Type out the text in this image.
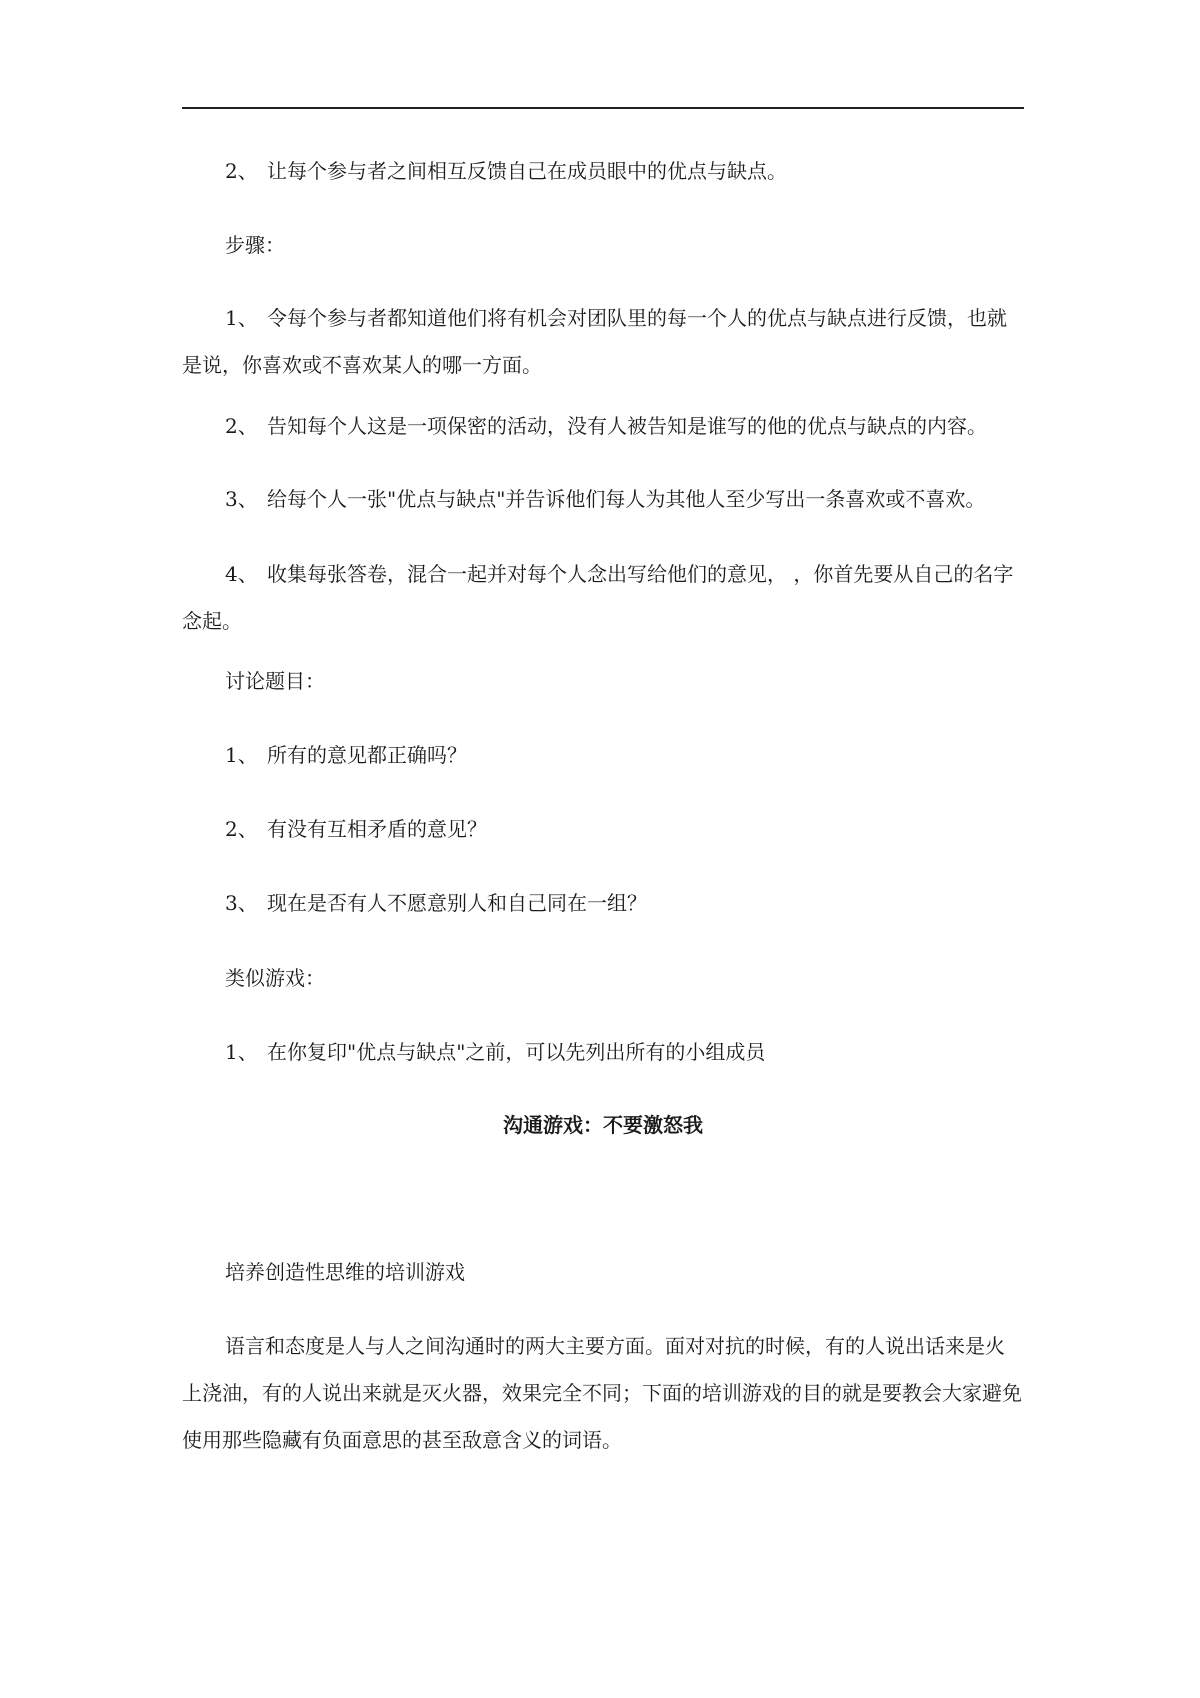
2、 让每个参与者之间相互反馈自己在成员眼中的优点与缺点。

步骤：

1、 令每个参与者都知道他们将有机会对团队里的每一个人的优点与缺点进行反馈，也就是说，你喜欢或不喜欢某人的哪一方面。

2、 告知每个人这是一项保密的活动，没有人被告知是谁写的他的优点与缺点的内容。

3、 给每个人一张"优点与缺点"并告诉他们每人为其他人至少写出一条喜欢或不喜欢。

4、 收集每张答卷，混合一起并对每个人念出写给他们的意见， ，你首先要从自己的名字念起。

讨论题目：

1、 所有的意见都正确吗？

2、 有没有互相矛盾的意见？

3、 现在是否有人不愿意别人和自己同在一组？

类似游戏：

1、 在你复印"优点与缺点"之前，可以先列出所有的小组成员

沟通游戏：不要激怒我

培养创造性思维的培训游戏

语言和态度是人与人之间沟通时的两大主要方面。面对对抗的时候，有的人说出话来是火上浇油，有的人说出来就是灭火器，效果完全不同；下面的培训游戏的目的就是要教会大家避免使用那些隐藏有负面意思的甚至敌意含义的词语。
